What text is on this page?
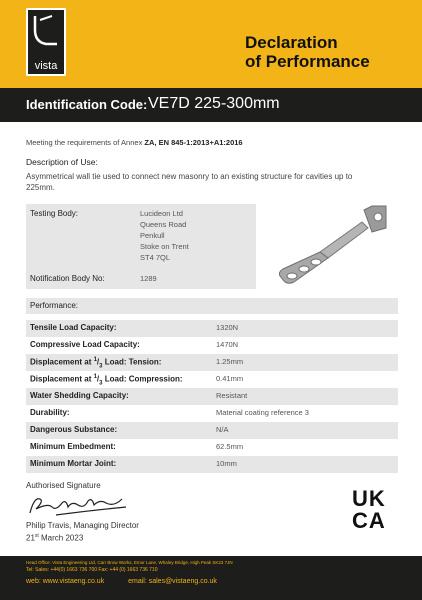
vista
Declaration
of Performance
Identification Code: VE7D 225-300mm
Meeting the requirements of Annex ZA, EN 845-1:2013+A1:2016
Description of Use:
Asymmetrical wall tie used to connect new masonry to an existing structure for cavities up to 225mm.
Testing Body:	Lucideon Ltd
Queens Road
Penkull
Stoke on Trent
ST4 7QL
Notification Body No:	1289
Performance:
Tensile Load Capacity:	1320N
Compressive Load Capacity:	1470N
Displacement at $^1/_3$ Load: Tension:	1.25mm
Displacement at $^1/_3$ Load: Compression:	0.41mm
Water Shedding Capacity:	Resistant
Durability:	Material coating reference 3
Dangerous Substance:	N/A
Minimum Embedment:	62.5mm
Minimum Mortar Joint:	10mm
Authorised Signature
Philip Travis, Managing Director
21st March 2023
UK
CA
Head Office: Vista Engineering Ltd, Carr Brow Works, Emor Lane, Whaley Bridge, High Peak SK23 7JN
Tel: Sales: +44(0) 1663 736 700 Fax: +44 (0) 1663 736 710
web: www.vistaeng.co.uk	email: sales@vistaeng.co.uk
